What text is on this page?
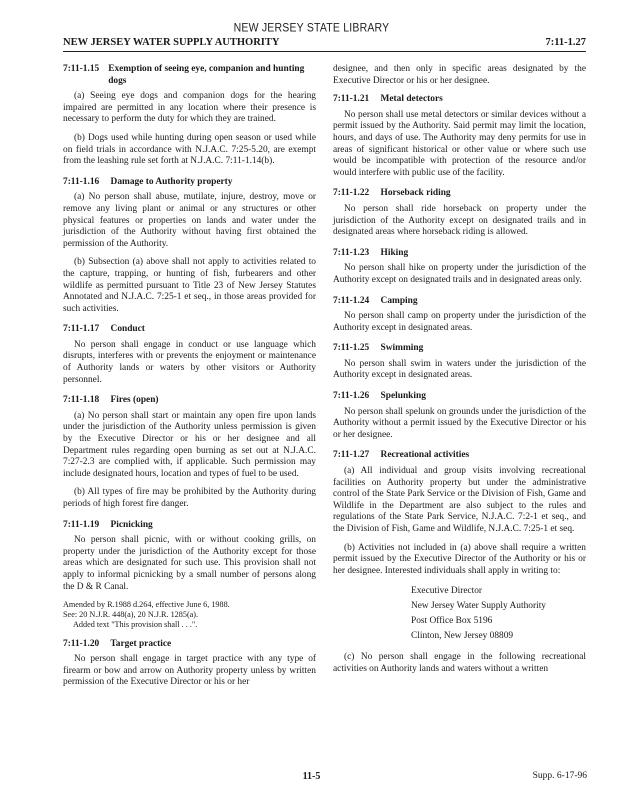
NEW JERSEY STATE LIBRARY
NEW JERSEY WATER SUPPLY AUTHORITY	7:11-1.27
7:11-1.15 Exemption of seeing eye, companion and hunting dogs

(a) Seeing eye dogs and companion dogs for the hearing impaired are permitted in any location where their presence is necessary to perform the duty for which they are trained.

(b) Dogs used while hunting during open season or used while on field trials in accordance with N.J.A.C. 7:25-5.20, are exempt from the leashing rule set forth at N.J.A.C. 7:11-1.14(b).

7:11-1.16 Damage to Authority property

(a) No person shall abuse, mutilate, injure, destroy, move or remove any living plant or animal or any structures or other physical features or properties on lands and water under the jurisdiction of the Authority without having first obtained the permission of the Authority.

(b) Subsection (a) above shall not apply to activities related to the capture, trapping, or hunting of fish, furbearers and other wildlife as permitted pursuant to Title 23 of New Jersey Statutes Annotated and N.J.A.C. 7:25-1 et seq., in those areas provided for such activities.

7:11-1.17 Conduct

No person shall engage in conduct or use language which disrupts, interferes with or prevents the enjoyment or maintenance of Authority lands or waters by other visitors or Authority personnel.

7:11-1.18 Fires (open)

(a) No person shall start or maintain any open fire upon lands under the jurisdiction of the Authority unless permission is given by the Executive Director or his or her designee and all Department rules regarding open burning as set out at N.J.A.C. 7:27-2.3 are complied with, if applicable. Such permission may include designated hours, location and types of fuel to be used.

(b) All types of fire may be prohibited by the Authority during periods of high forest fire danger.

7:11-1.19 Picnicking

No person shall picnic, with or without cooking grills, on property under the jurisdiction of the Authority except for those areas which are designated for such use. This provision shall not apply to informal picnicking by a small number of persons along the D & R Canal.

Amended by R.1988 d.264, effective June 6, 1988.
See: 20 N.J.R. 448(a), 20 N.J.R. 1285(a).
Added text "This provision shall . . .".
7:11-1.20 Target practice

No person shall engage in target practice with any type of firearm or bow and arrow on Authority property unless by written permission of the Executive Director or his or her

designee, and then only in specific areas designated by the Executive Director or his or her designee.

7:11-1.21 Metal detectors

No person shall use metal detectors or similar devices without a permit issued by the Authority. Said permit may limit the location, hours, and days of use. The Authority may deny permits for use in areas of significant historical or other value or where such use would be incompatible with protection of the resource and/or would interfere with public use of the facility.

7:11-1.22 Horseback riding

No person shall ride horseback on property under the jurisdiction of the Authority except on designated trails and in designated areas where horseback riding is allowed.

7:11-1.23 Hiking

No person shall hike on property under the jurisdiction of the Authority except on designated trails and in designated areas only.

7:11-1.24 Camping

No person shall camp on property under the jurisdiction of the Authority except in designated areas.

7:11-1.25 Swimming

No person shall swim in waters under the jurisdiction of the Authority except in designated areas.

7:11-1.26 Spelunking

No person shall spelunk on grounds under the jurisdiction of the Authority without a permit issued by the Executive Director or his or her designee.

7:11-1.27 Recreational activities

(a) All individual and group visits involving recreational facilities on Authority property but under the administrative control of the State Park Service or the Division of Fish, Game and Wildlife in the Department are also subject to the rules and regulations of the State Park Service, N.J.A.C. 7:2-1 et seq., and the Division of Fish, Game and Wildlife, N.J.A.C. 7:25-1 et seq.

(b) Activities not included in (a) above shall require a written permit issued by the Executive Director of the Authority or his or her designee. Interested individuals shall apply in writing to:

Executive Director
New Jersey Water Supply Authority
Post Office Box 5196
Clinton, New Jersey 08809

(c) No person shall engage in the following recreational activities on Authority lands and waters without a written

11-5	Supp. 6-17-96
